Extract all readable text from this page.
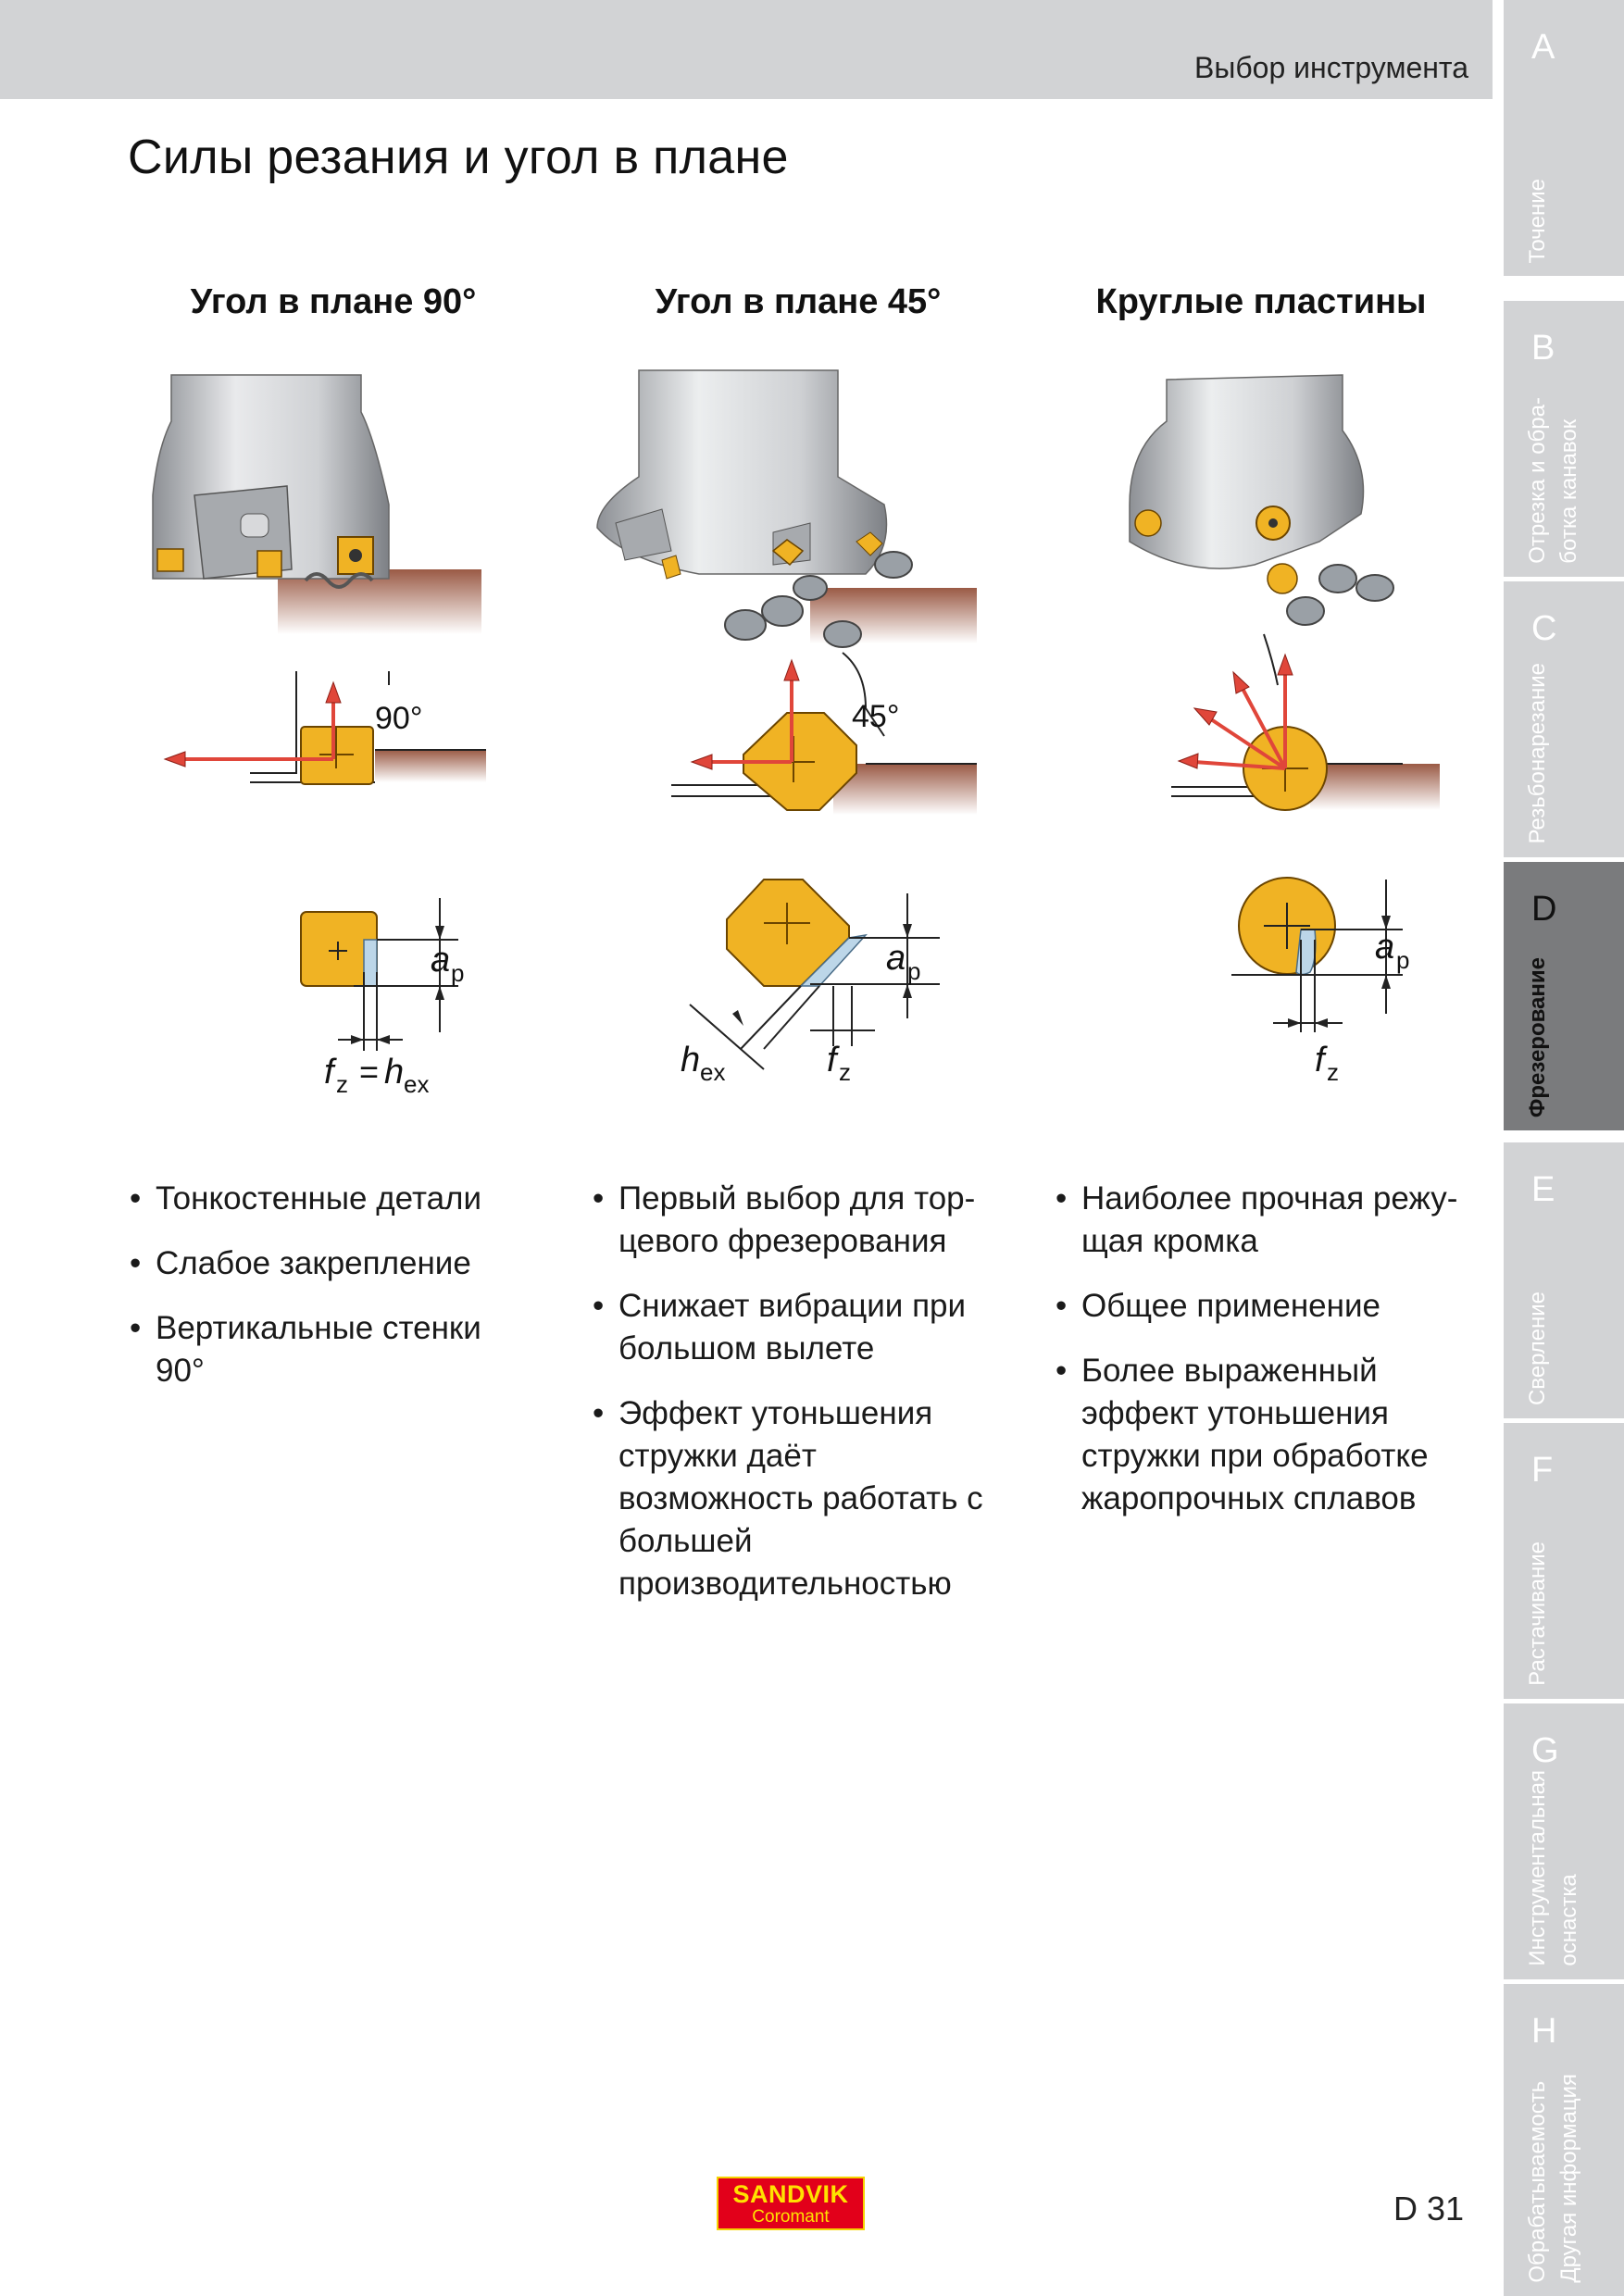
Выбор инструмента
Силы резания и угол в плане
Угол в плане 90°	Угол в плане 45°	Круглые пластины
90°
a p
f z = h ex
45°
a p
h ex	f z
a p
f z
• Тонкостенные детали
• Слабое закрепление
• Вертикальные стенки 90°
• Первый выбор для тор-цевого фрезерования
• Снижает вибрации при большом вылете
• Эффект утоньшения стружки даёт возможность работать с большей производительностью
• Наиболее прочная режу-щая кромка
• Общее применение
• Более выраженный эффект утоньшения стружки при обработке жаропрочных сплавов
A
Точение
B
Отрезка и обра-
ботка канавок
C
Резьбонарезание
D
Фрезерование
E
Сверление
F
Растачивание
G
Инструментальная
оснастка
H
Обрабатываемость
Другая информация
SANDVIK
Coromant	D 31
